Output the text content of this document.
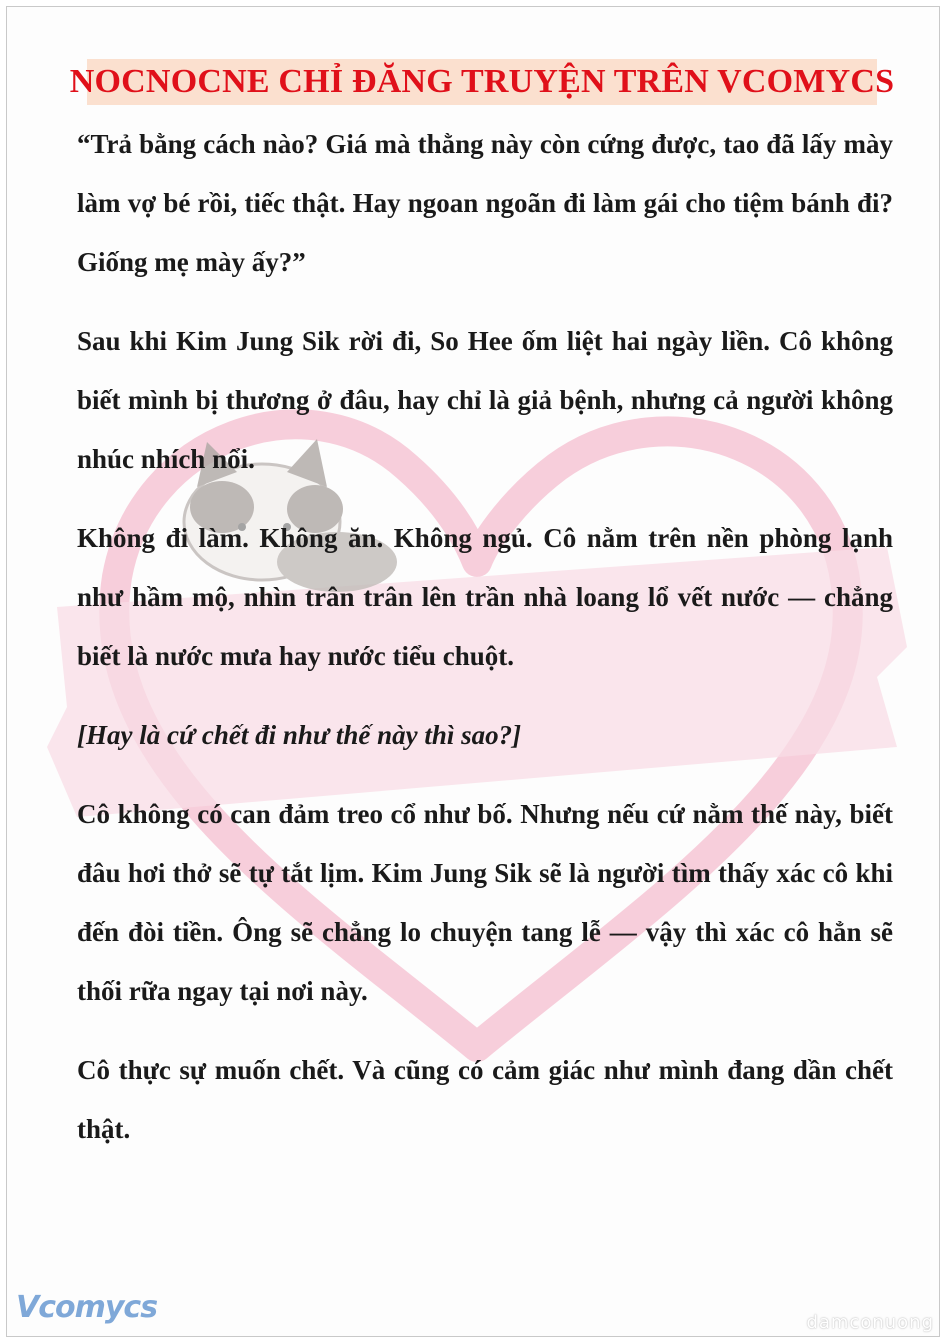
NOCNOCNE CHỈ ĐĂNG TRUYỆN TRÊN VCOMYCS

“Trả bằng cách nào? Giá mà thằng này còn cứng được, tao đã lấy mày làm vợ bé rồi, tiếc thật. Hay ngoan ngoãn đi làm gái cho tiệm bánh đi? Giống mẹ mày ấy?”

Sau khi Kim Jung Sik rời đi, So Hee ốm liệt hai ngày liền. Cô không biết mình bị thương ở đâu, hay chỉ là giả bệnh, nhưng cả người không nhúc nhích nổi.

Không đi làm. Không ăn. Không ngủ. Cô nằm trên nền phòng lạnh như hầm mộ, nhìn trân trân lên trần nhà loang lổ vết nước — chẳng biết là nước mưa hay nước tiểu chuột.

[Hay là cứ chết đi như thế này thì sao?]

Cô không có can đảm treo cổ như bố. Nhưng nếu cứ nằm thế này, biết đâu hơi thở sẽ tự tắt lịm. Kim Jung Sik sẽ là người tìm thấy xác cô khi đến đòi tiền. Ông sẽ chẳng lo chuyện tang lễ — vậy thì xác cô hẳn sẽ thối rữa ngay tại nơi này.

Cô thực sự muốn chết. Và cũng có cảm giác như mình đang dần chết thật.

Vcomycs	damconuong
